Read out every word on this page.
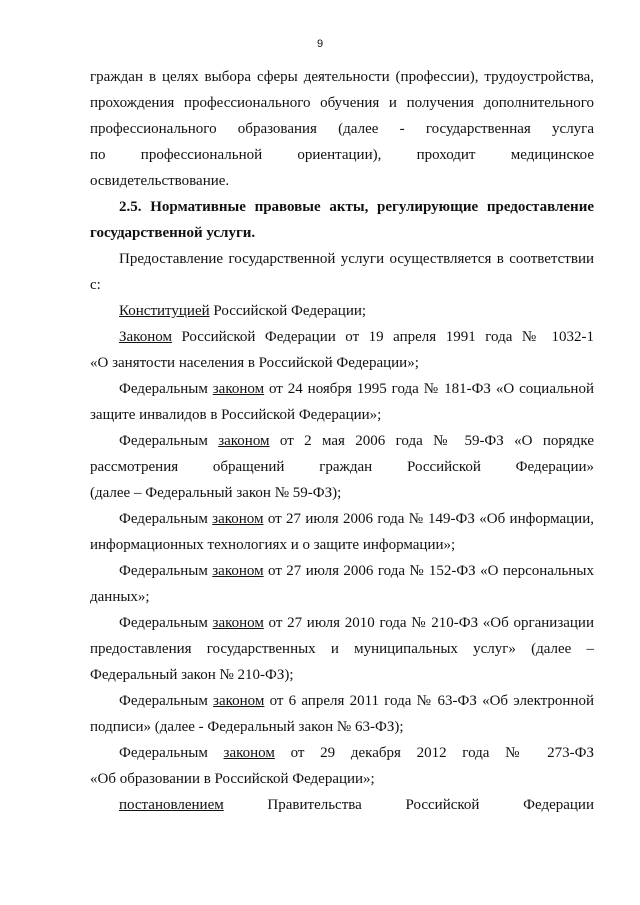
9
граждан в целях выбора сферы деятельности (профессии), трудоустройства,
прохождения профессионального обучения и получения дополнительного
профессионального образования (далее - государственная услуга
по профессиональной ориентации), проходит медицинское
освидетельствование.
2.5. Нормативные правовые акты, регулирующие предоставление
государственной услуги.
Предоставление государственной услуги осуществляется в соответствии
с:
Конституцией Российской Федерации;
Законом Российской Федерации от 19 апреля 1991 года № 1032-1
«О занятости населения в Российской Федерации»;
Федеральным законом от 24 ноября 1995 года № 181-ФЗ «О социальной
защите инвалидов в Российской Федерации»;
Федеральным законом от 2 мая 2006 года № 59-ФЗ «О порядке
рассмотрения обращений граждан Российской Федерации»
(далее – Федеральный закон № 59-ФЗ);
Федеральным законом от 27 июля 2006 года № 149-ФЗ «Об информации,
информационных технологиях и о защите информации»;
Федеральным законом от 27 июля 2006 года № 152-ФЗ «О персональных
данных»;
Федеральным законом от 27 июля 2010 года № 210-ФЗ «Об организации
предоставления государственных и муниципальных услуг» (далее –
Федеральный закон № 210-ФЗ);
Федеральным законом от 6 апреля 2011 года № 63-ФЗ «Об электронной
подписи» (далее - Федеральный закон № 63-ФЗ);
Федеральным законом от 29 декабря 2012 года № 273-ФЗ
«Об образовании в Российской Федерации»;
постановлением Правительства Российской Федерации
